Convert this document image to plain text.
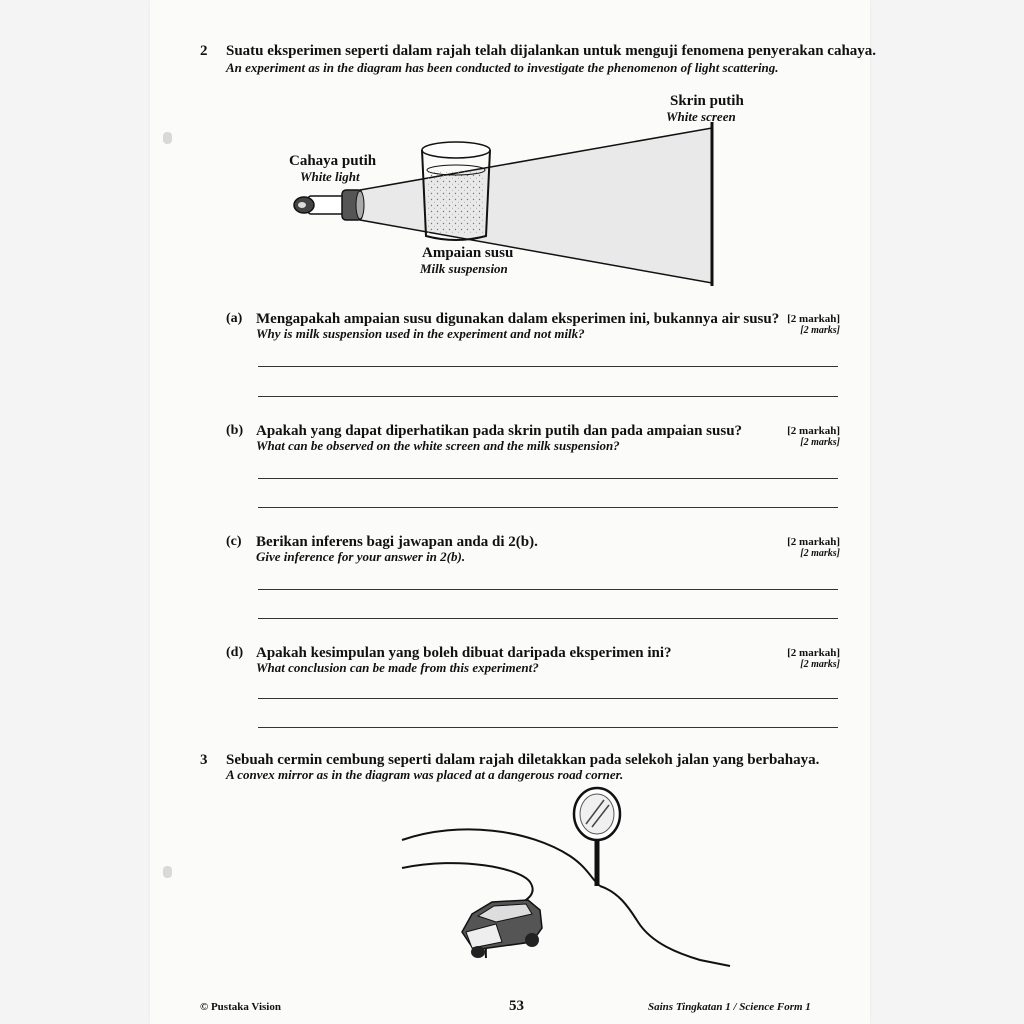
2 Suatu eksperimen seperti dalam rajah telah dijalankan untuk menguji fenomena penyerakan cahaya.
An experiment as in the diagram has been conducted to investigate the phenomenon of light scattering.
Skrin putih
White screen
Cahaya putih
White light
Ampaian susu
Milk suspension
(a) Mengapakah ampaian susu digunakan dalam eksperimen ini, bukannya air susu?
Why is milk suspension used in the experiment and not milk?
[2 markah]
[2 marks]
(b) Apakah yang dapat diperhatikan pada skrin putih dan pada ampaian susu?
What can be observed on the white screen and the milk suspension?
[2 markah]
[2 marks]
(c) Berikan inferens bagi jawapan anda di 2(b).
Give inference for your answer in 2(b).
[2 markah]
[2 marks]
(d) Apakah kesimpulan yang boleh dibuat daripada eksperimen ini?
What conclusion can be made from this experiment?
[2 markah]
[2 marks]
3 Sebuah cermin cembung seperti dalam rajah diletakkan pada selekoh jalan yang berbahaya.
A convex mirror as in the diagram was placed at a dangerous road corner.
© Pustaka Vision	53	Sains Tingkatan 1 / Science Form 1
